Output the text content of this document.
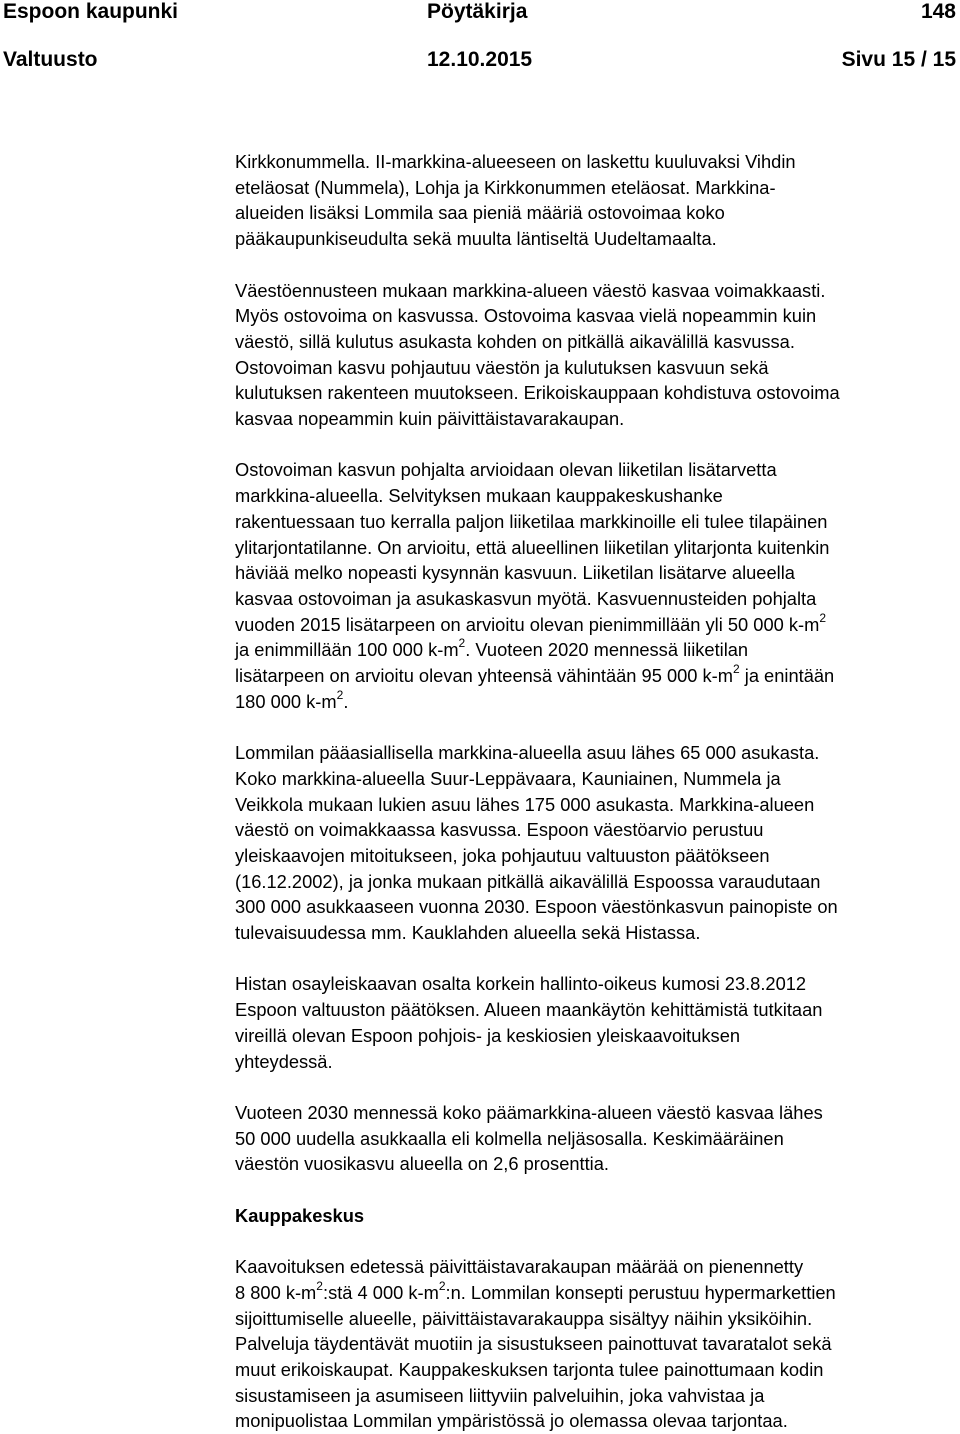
Espoon kaupunki	Pöytäkirja	148
Valtuusto	12.10.2015	Sivu 15 / 15
Kirkkonummella. II-markkina-alueeseen on laskettu kuuluvaksi Vihdin
eteläosat (Nummela), Lohja ja Kirkkonummen eteläosat. Markkina-
alueiden lisäksi Lommila saa pieniä määriä ostovoimaa koko
pääkaupunkiseudulta sekä muulta läntiseltä Uudeltamaalta.
Väestöennusteen mukaan markkina-alueen väestö kasvaa voimakkaasti.
Myös ostovoima on kasvussa. Ostovoima kasvaa vielä nopeammin kuin
väestö, sillä kulutus asukasta kohden on pitkällä aikavälillä kasvussa.
Ostovoiman kasvu pohjautuu väestön ja kulutuksen kasvuun sekä
kulutuksen rakenteen muutokseen. Erikoiskauppaan kohdistuva ostovoima
kasvaa nopeammin kuin päivittäistavarakaupan.
Ostovoiman kasvun pohjalta arvioidaan olevan liiketilan lisätarvetta
markkina-alueella. Selvityksen mukaan kauppakeskushanke
rakentuessaan tuo kerralla paljon liiketilaa markkinoille eli tulee tilapäinen
ylitarjontatilanne. On arvioitu, että alueellinen liiketilan ylitarjonta kuitenkin
häviää melko nopeasti kysynnän kasvuun. Liiketilan lisätarve alueella
kasvaa ostovoiman ja asukaskasvun myötä. Kasvuennusteiden pohjalta
vuoden 2015 lisätarpeen on arvioitu olevan pienimmillään yli 50 000 $k-m^2$
ja enimmillään 100 000 $k-m^2$. Vuoteen 2020 mennessä liiketilan
lisätarpeen on arvioitu olevan yhteensä vähintään 95 000 $k-m^2$ ja enintään
180 000 $k-m^2$.
Lommilan pääasiallisella markkina-alueella asuu lähes 65 000 asukasta.
Koko markkina-alueella Suur-Leppävaara, Kauniainen, Nummela ja
Veikkola mukaan lukien asuu lähes 175 000 asukasta. Markkina-alueen
väestö on voimakkaassa kasvussa. Espoon väestöarvio perustuu
yleiskaavojen mitoitukseen, joka pohjautuu valtuuston päätökseen
(16.12.2002), ja jonka mukaan pitkällä aikavälillä Espoossa varaudutaan
300 000 asukkaaseen vuonna 2030. Espoon väestönkasvun painopiste on
tulevaisuudessa mm. Kauklahden alueella sekä Histassa.
Histan osayleiskaavan osalta korkein hallinto-oikeus kumosi 23.8.2012
Espoon valtuuston päätöksen. Alueen maankäytön kehittämistä tutkitaan
vireillä olevan Espoon pohjois- ja keskiosien yleiskaavoituksen
yhteydessä.
Vuoteen 2030 mennessä koko päämarkkina-alueen väestö kasvaa lähes
50 000 uudella asukkaalla eli kolmella neljäsosalla. Keskimääräinen
väestön vuosikasvu alueella on 2,6 prosenttia.
Kauppakeskus
Kaavoituksen edetessä päivittäistavarakaupan määrää on pienennetty
8 800 $k-m^2:stä$ 4 000 $k-m^2:n$. Lommilan konsepti perustuu hypermarkettien
sijoittumiselle alueelle, päivittäistavarakauppa sisältyy näihin yksiköihin.
Palveluja täydentävät muotiin ja sisustukseen painottuvat tavaratalot sekä
muut erikoiskaupat. Kauppakeskuksen tarjonta tulee painottumaan kodin
sisustamiseen ja asumiseen liittyviin palveluihin, joka vahvistaa ja
monipuolistaa Lommilan ympäristössä jo olemassa olevaa tarjontaa.
